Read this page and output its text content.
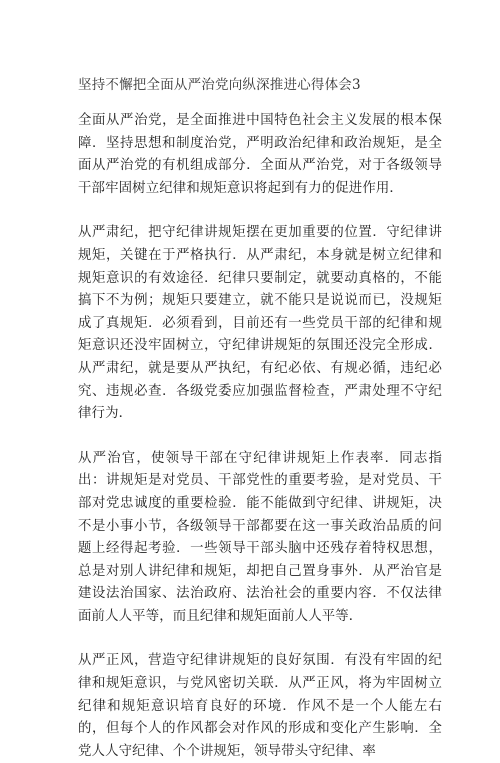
坚持不懈把全面从严治党向纵深推进心得体会3

全面从严治党，是全面推进中国特色社会主义发展的根本保障．坚持思想和制度治党，严明政治纪律和政治规矩，是全面从严治党的有机组成部分．全面从严治党，对于各级领导干部牢固树立纪律和规矩意识将起到有力的促进作用．

从严肃纪，把守纪律讲规矩摆在更加重要的位置．守纪律讲规矩，关键在于严格执行．从严肃纪，本身就是树立纪律和规矩意识的有效途径．纪律只要制定，就要动真格的，不能搞下不为例；规矩只要建立，就不能只是说说而已，没规矩成了真规矩．必须看到，目前还有一些党员干部的纪律和规矩意识还没牢固树立，守纪律讲规矩的氛围还没完全形成．从严肃纪，就是要从严执纪，有纪必依、有规必循，违纪必究、违规必查．各级党委应加强监督检查，严肃处理不守纪律行为．

从严治官，使领导干部在守纪律讲规矩上作表率．同志指出：讲规矩是对党员、干部党性的重要考验，是对党员、干部对党忠诚度的重要检验．能不能做到守纪律、讲规矩，决不是小事小节，各级领导干部都要在这一事关政治品质的问题上经得起考验．一些领导干部头脑中还残存着特权思想，总是对别人讲纪律和规矩，却把自己置身事外．从严治官是建设法治国家、法治政府、法治社会的重要内容．不仅法律面前人人平等，而且纪律和规矩面前人人平等．

从严正风，营造守纪律讲规矩的良好氛围．有没有牢固的纪律和规矩意识，与党风密切关联．从严正风，将为牢固树立纪律和规矩意识培育良好的环境．作风不是一个人能左右的，但每个人的作风都会对作风的形成和变化产生影响．全党人人守纪律、个个讲规矩，领导带头守纪律、率
